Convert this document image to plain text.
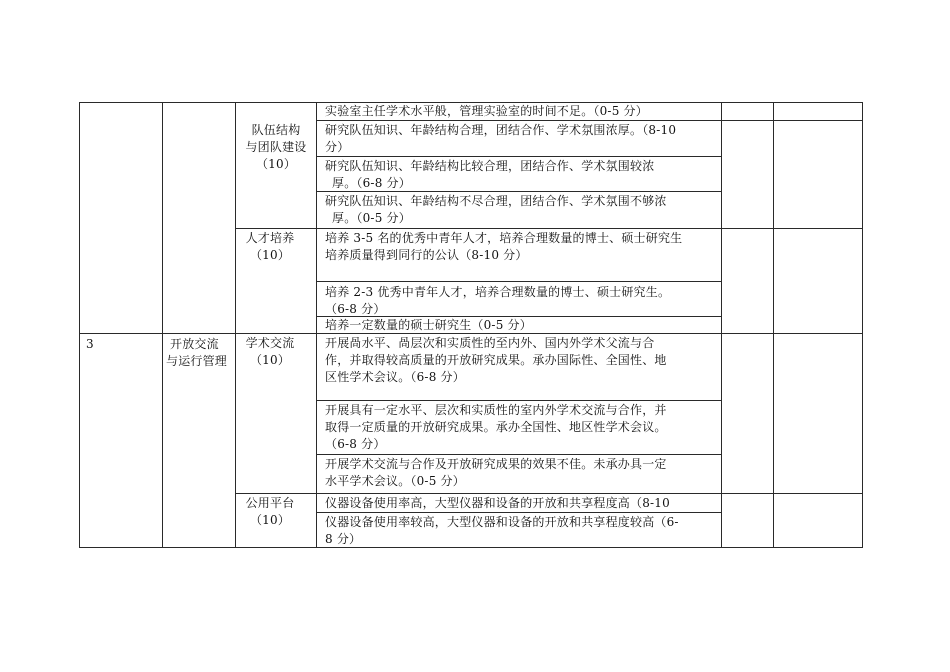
3	开放交流
与运行管理
队伍结构
与团队建设
（10）
人才培养
（10）
学术交流
（10）
公用平台
（10）
实验室主任学术水平般，管理实验室的时间不足。（0-5 分）
研究队伍知识、年龄结构合理，团结合作、学术氛围浓厚。（8-10
分）
研究队伍知识、年龄结构比较合理，团结合作、学术氛围较浓
厚。（6-8 分）
研究队伍知识、年龄结构不尽合理，团结合作、学术氛围不够浓
厚。（0-5 分）
培养 3-5 名的优秀中青年人才，培养合理数量的博士、硕士研究生
培养质量得到同行的公认（8-10 分）
培养 2-3 优秀中青年人才，培养合理数量的博士、硕士研究生。
（6-8 分）
培养一定数量的硕士研究生（0-5 分）
开展咼水平、咼层次和实质性的至内外、国内外学术父流与合
作，并取得较高质量的开放研究成果。承办国际性、全国性、地
区性学术会议。（6-8 分）
开展具有一定水平、层次和实质性的室内外学术交流与合作，并
取得一定质量的开放研究成果。承办全国性、地区性学术会议。
（6-8 分）
开展学术交流与合作及开放研究成果的效果不佳。未承办具一定
水平学术会议。（0-5 分）
仪器设备使用率高，大型仪器和设备的开放和共享程度高（8-10
仪器设备使用率较高，大型仪器和设备的开放和共享程度较高（6-
8 分）
